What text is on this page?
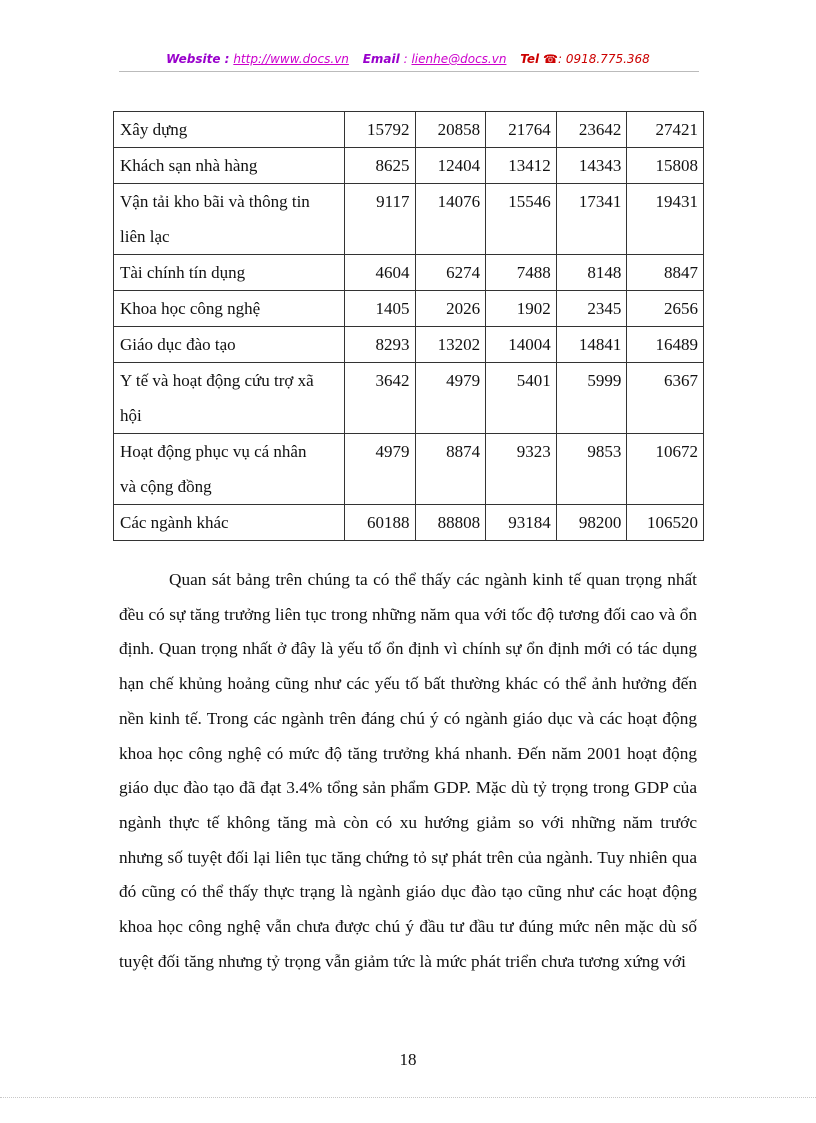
Website : http://www.docs.vn Email : lienhe@docs.vn Tel ☎: 0918.775.368
Xây dựng	15792	20858	21764	23642	27421
Khách sạn nhà hàng	8625	12404	13412	14343	15808
Vận tải kho bãi và thông tin
liên lạc	9117	14076	15546	17341	19431
Tài chính tín dụng	4604	6274	7488	8148	8847
Khoa học công nghệ	1405	2026	1902	2345	2656
Giáo dục đào tạo	8293	13202	14004	14841	16489
Y tế và hoạt động cứu trợ xã
hội	3642	4979	5401	5999	6367
Hoạt động phục vụ cá nhân
và cộng đồng	4979	8874	9323	9853	10672
Các ngành khác	60188	88808	93184	98200	106520

Quan sát bảng trên chúng ta có thể thấy các ngành kinh tế quan trọng nhất đều có sự tăng trưởng liên tục trong những năm qua với tốc độ tương đối cao và ổn định. Quan trọng nhất ở đây là yếu tố ổn định vì chính sự ổn định mới có tác dụng hạn chế khủng hoảng cũng như các yếu tố bất thường khác có thể ảnh hưởng đến nền kinh tế. Trong các ngành trên đáng chú ý có ngành giáo dục và các hoạt động khoa học công nghệ có mức độ tăng trưởng khá nhanh. Đến năm 2001 hoạt động giáo dục đào tạo đã đạt 3.4% tổng sản phẩm GDP. Mặc dù tỷ trọng trong GDP của ngành thực tế không tăng mà còn có xu hướng giảm so với những năm trước nhưng số tuyệt đối lại liên tục tăng chứng tỏ sự phát trên của ngành. Tuy nhiên qua đó cũng có thể thấy thực trạng là ngành giáo dục đào tạo cũng như các hoạt động khoa học công nghệ vẫn chưa được chú ý đầu tư đầu tư đúng mức nên mặc dù số tuyệt đối tăng nhưng tỷ trọng vẫn giảm tức là mức phát triển chưa tương xứng với

18
